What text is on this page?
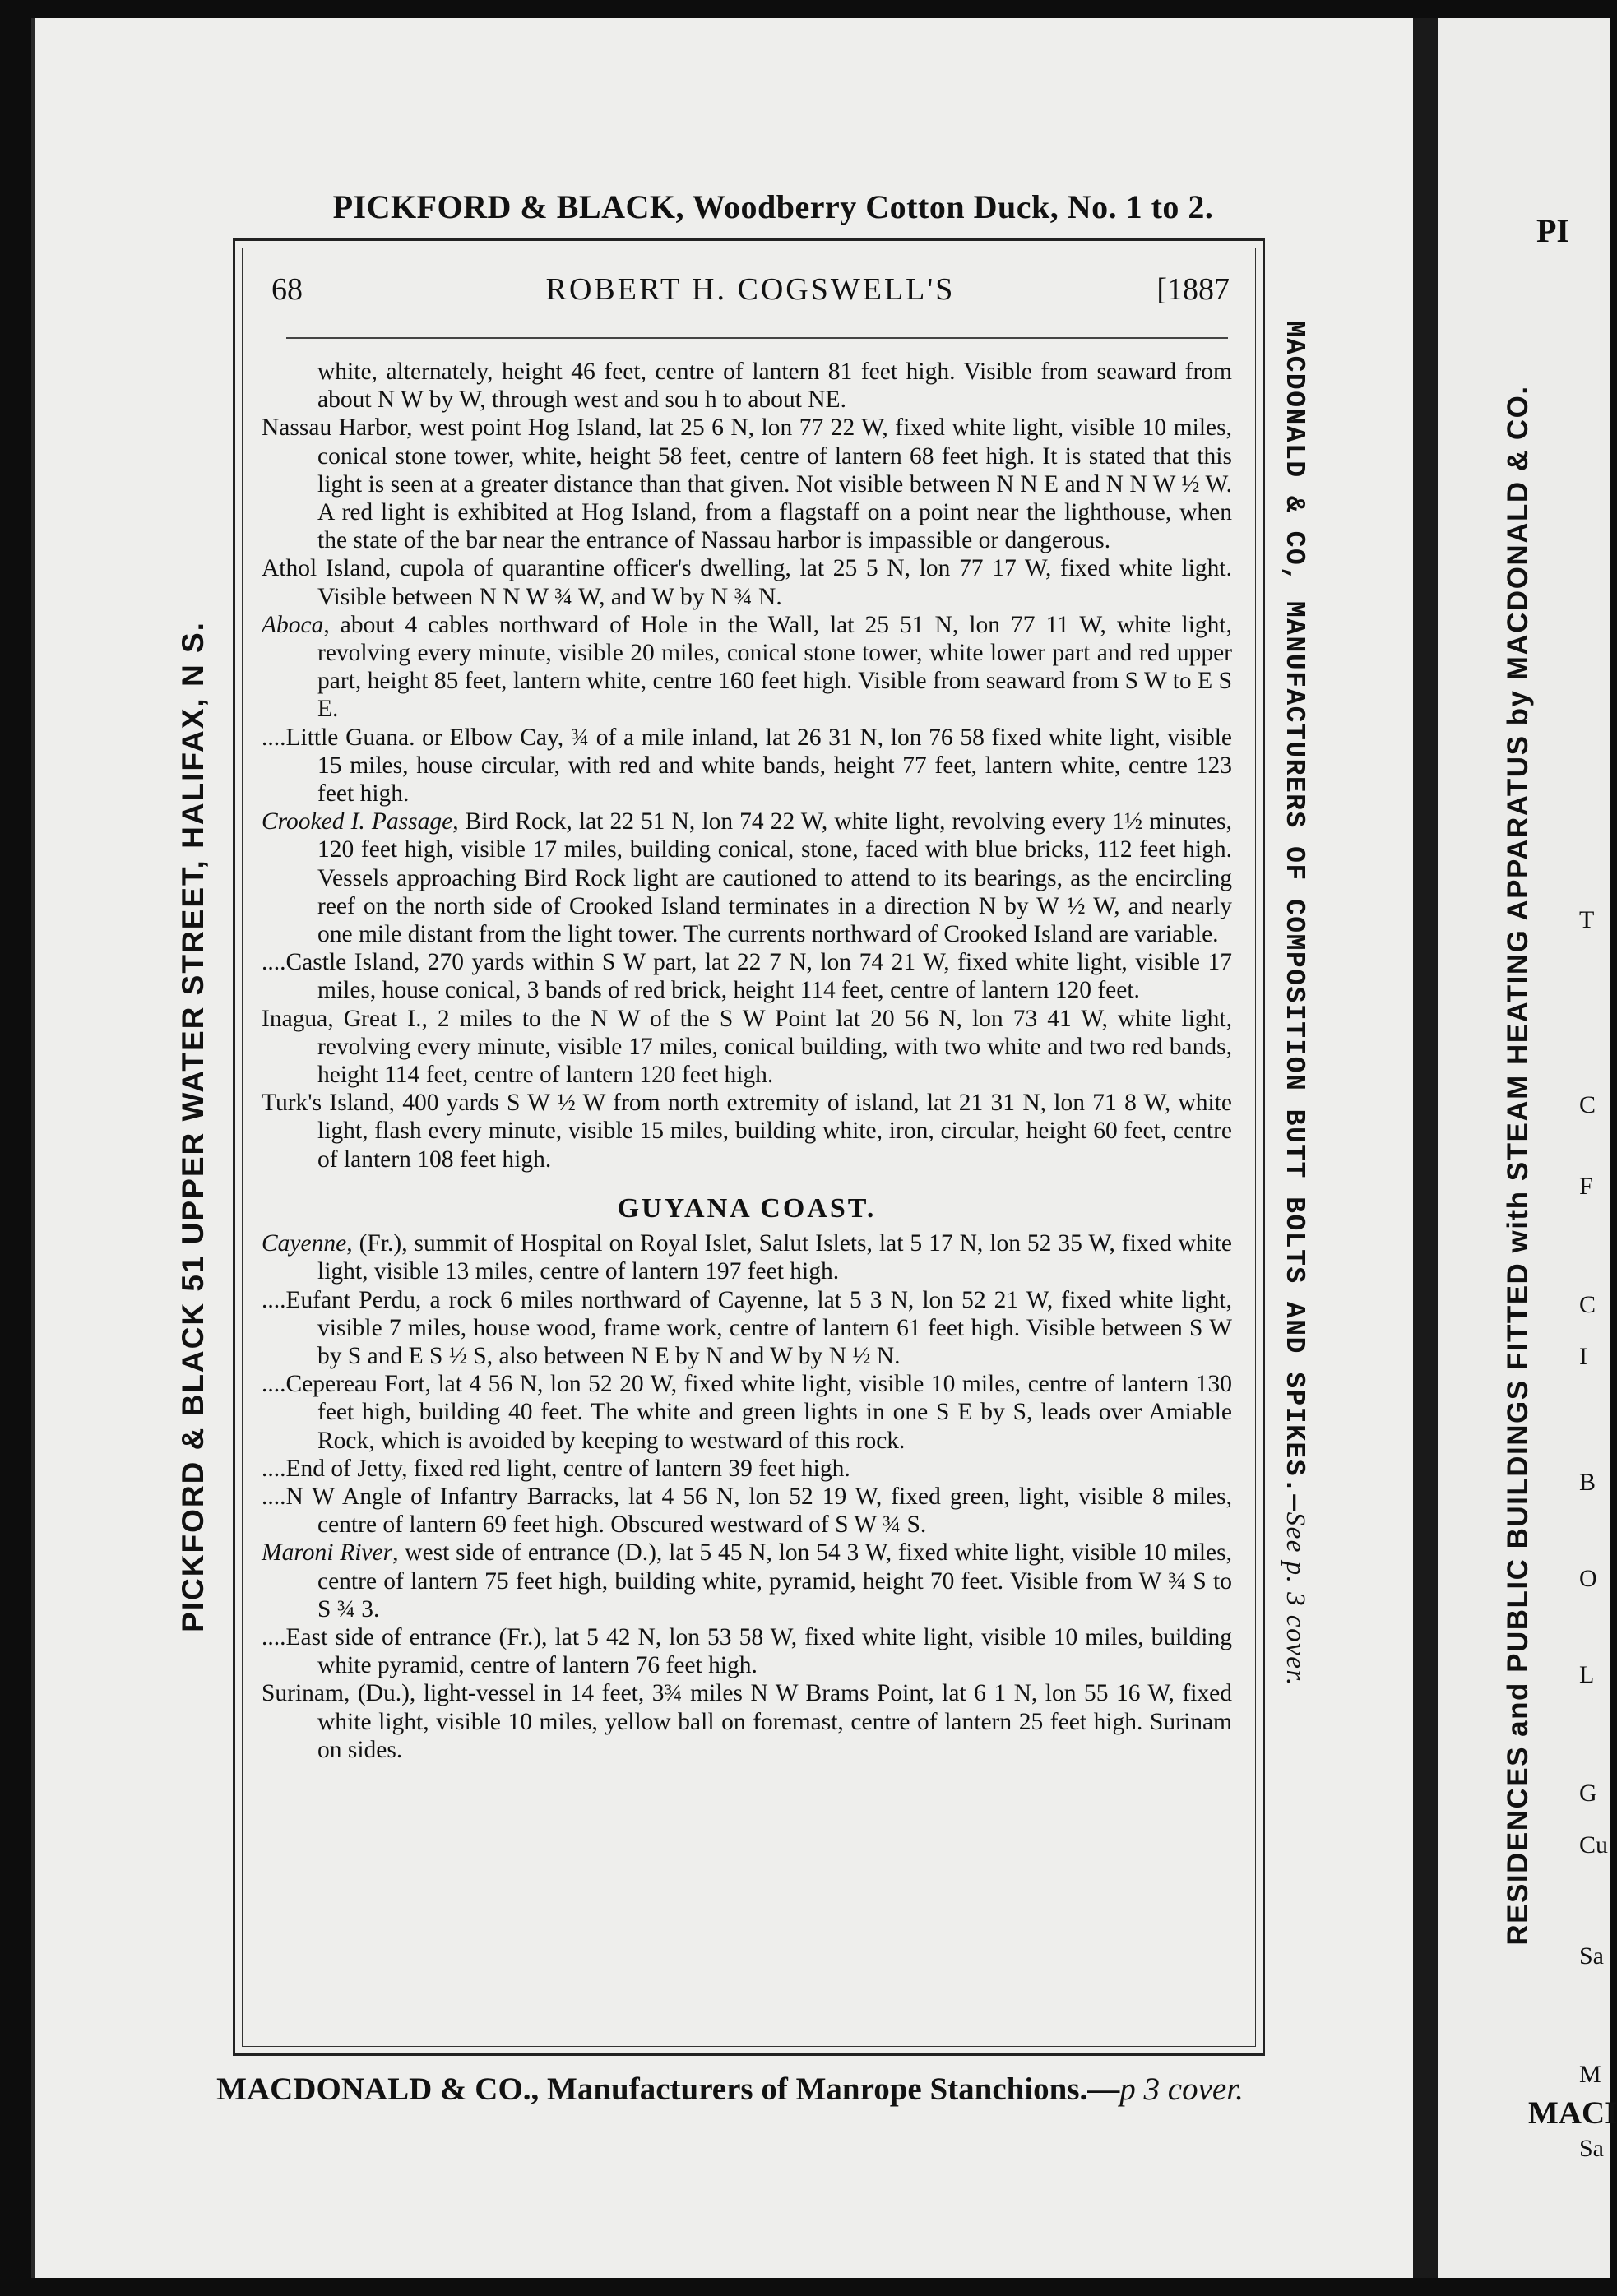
PICKFORD & BLACK, Woodberry Cotton Duck, No. 1 to 2.
PICKFORD & BLACK 51 UPPER WATER STREET, HALIFAX, N S.
68	ROBERT H. COGSWELL'S	[1887

white, alternately, height 46 feet, centre of lantern 81 feet high. Visible from seaward from about N W by W, through west and sou h to about NE.

Nassau Harbor, west point Hog Island, lat 25 6 N, lon 77 22 W, fixed white light, visible 10 miles, conical stone tower, white, height 58 feet, centre of lantern 68 feet high. It is stated that this light is seen at a greater distance than that given. Not visible between N N E and N N W ½ W. A red light is exhibited at Hog Island, from a flagstaff on a point near the lighthouse, when the state of the bar near the entrance of Nassau harbor is impassible or dangerous.

Athol Island, cupola of quarantine officer's dwelling, lat 25 5 N, lon 77 17 W, fixed white light. Visible between N N W ¾ W, and W by N ¾ N.

Aboca, about 4 cables northward of Hole in the Wall, lat 25 51 N, lon 77 11 W, white light, revolving every minute, visible 20 miles, conical stone tower, white lower part and red upper part, height 85 feet, lantern white, centre 160 feet high. Visible from seaward from S W to E S E.

....Little Guana. or Elbow Cay, ¾ of a mile inland, lat 26 31 N, lon 76 58 fixed white light, visible 15 miles, house circular, with red and white bands, height 77 feet, lantern white, centre 123 feet high.

Crooked I. Passage, Bird Rock, lat 22 51 N, lon 74 22 W, white light, revolving every 1½ minutes, 120 feet high, visible 17 miles, building conical, stone, faced with blue bricks, 112 feet high. Vessels approaching Bird Rock light are cautioned to attend to its bearings, as the encircling reef on the north side of Crooked Island terminates in a direction N by W ½ W, and nearly one mile distant from the light tower. The currents northward of Crooked Island are variable.

....Castle Island, 270 yards within S W part, lat 22 7 N, lon 74 21 W, fixed white light, visible 17 miles, house conical, 3 bands of red brick, height 114 feet, centre of lantern 120 feet.

Inagua, Great I., 2 miles to the N W of the S W Point lat 20 56 N, lon 73 41 W, white light, revolving every minute, visible 17 miles, conical building, with two white and two red bands, height 114 feet, centre of lantern 120 feet high.

Turk's Island, 400 yards S W ½ W from north extremity of island, lat 21 31 N, lon 71 8 W, white light, flash every minute, visible 15 miles, building white, iron, circular, height 60 feet, centre of lantern 108 feet high.

GUYANA COAST.

Cayenne, (Fr.), summit of Hospital on Royal Islet, Salut Islets, lat 5 17 N, lon 52 35 W, fixed white light, visible 13 miles, centre of lantern 197 feet high.

....Eufant Perdu, a rock 6 miles northward of Cayenne, lat 5 3 N, lon 52 21 W, fixed white light, visible 7 miles, house wood, frame work, centre of lantern 61 feet high. Visible between S W by S and E S ½ S, also between N E by N and W by N ½ N.

....Cepereau Fort, lat 4 56 N, lon 52 20 W, fixed white light, visible 10 miles, centre of lantern 130 feet high, building 40 feet. The white and green lights in one S E by S, leads over Amiable Rock, which is avoided by keeping to westward of this rock.

....End of Jetty, fixed red light, centre of lantern 39 feet high.

....N W Angle of Infantry Barracks, lat 4 56 N, lon 52 19 W, fixed green, light, visible 8 miles, centre of lantern 69 feet high. Obscured westward of S W ¾ S.

Maroni River, west side of entrance (D.), lat 5 45 N, lon 54 3 W, fixed white light, visible 10 miles, centre of lantern 75 feet high, building white, pyramid, height 70 feet. Visible from W ¾ S to S ¾ 3.

....East side of entrance (Fr.), lat 5 42 N, lon 53 58 W, fixed white light, visible 10 miles, building white pyramid, centre of lantern 76 feet high.

Surinam, (Du.), light-vessel in 14 feet, 3¾ miles N W Brams Point, lat 6 1 N, lon 55 16 W, fixed white light, visible 10 miles, yellow ball on foremast, centre of lantern 25 feet high. Surinam on sides.

MACDONALD & CO, MANUFACTURERS OF COMPOSITION BUTT BOLTS AND SPIKES.—See p. 3 cover.
MACDONALD & CO., Manufacturers of Manrope Stanchions.—p 3 cover.
PI
RESIDENCES and PUBLIC BUILDINGS FITTED with STEAM HEATING APPARATUS by MACDONALD & CO.	T
C
F
C
I
B
O
L
G
Cu
Sa
M
Sa
MACI
